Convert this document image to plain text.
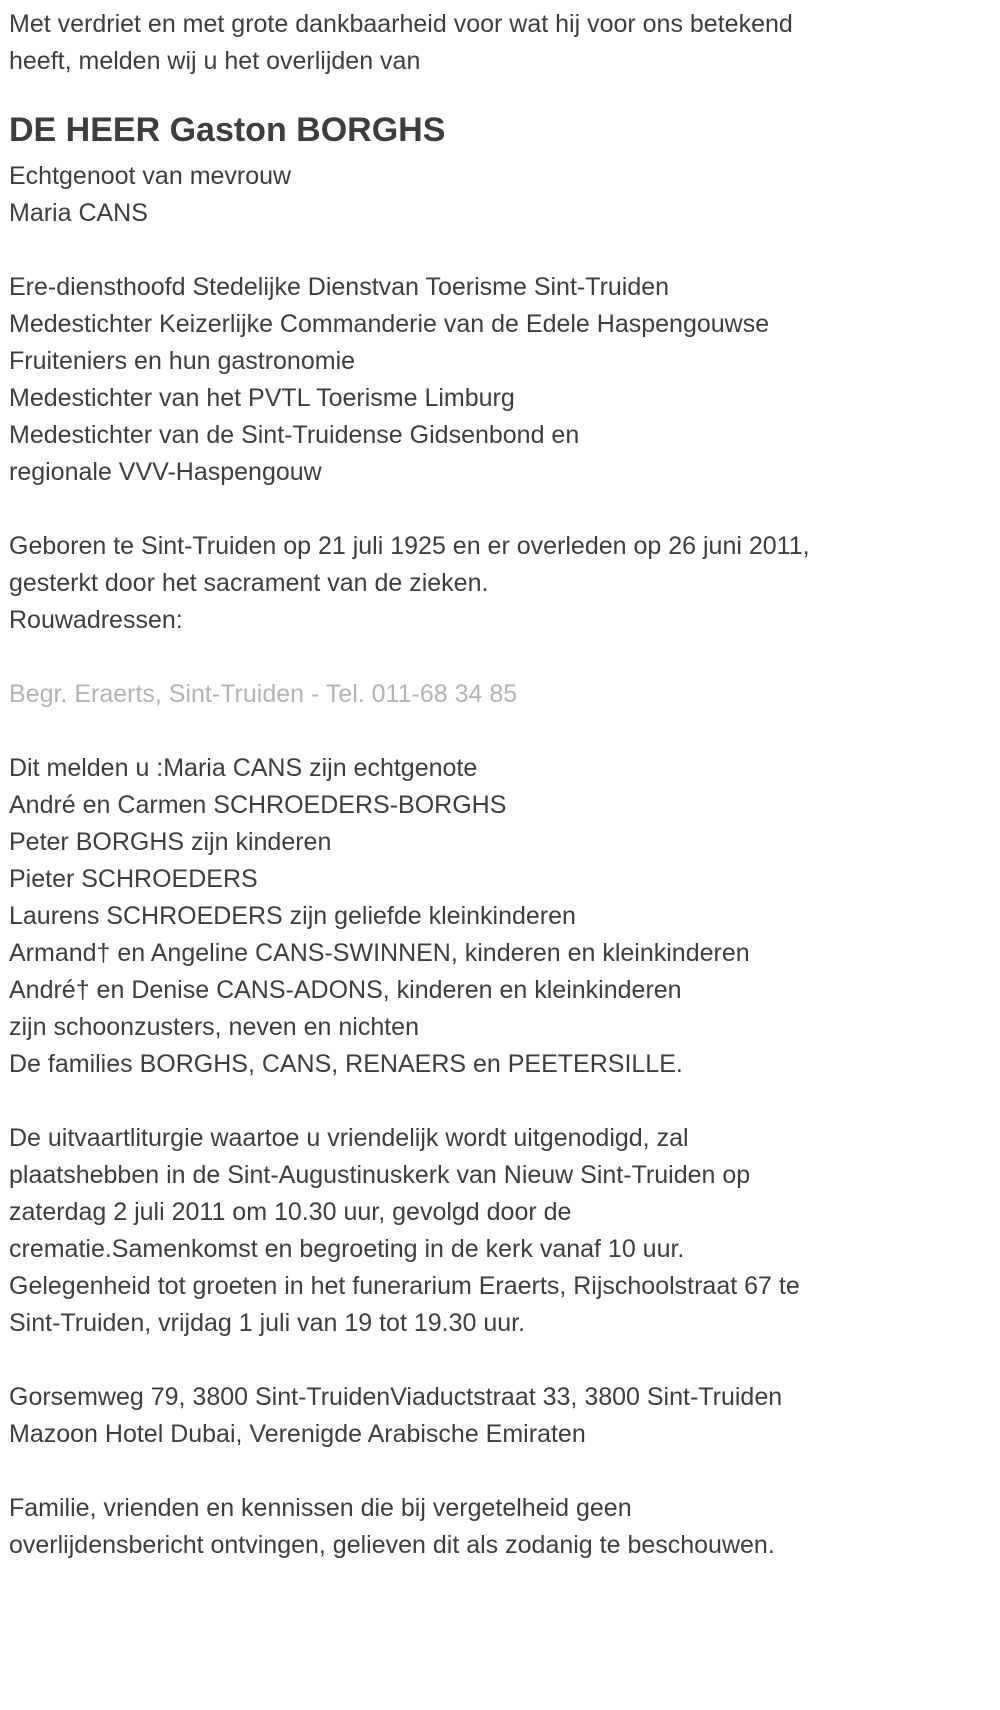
Met verdriet en met grote dankbaarheid voor wat hij voor ons betekend
heeft, melden wij u het overlijden van
DE HEER Gaston BORGHS
Echtgenoot van mevrouw
Maria CANS
Ere-diensthoofd Stedelijke Dienstvan Toerisme Sint-Truiden
Medestichter Keizerlijke Commanderie van de Edele Haspengouwse
Fruiteniers en hun gastronomie
Medestichter van het PVTL Toerisme Limburg
Medestichter van de Sint-Truidense Gidsenbond en
regionale VVV-Haspengouw
Geboren te Sint-Truiden op 21 juli 1925 en er overleden op 26 juni 2011,
gesterkt door het sacrament van de zieken.
Rouwadressen:
Begr. Eraerts, Sint-Truiden - Tel. 011-68 34 85
Dit melden u :Maria CANS zijn echtgenote
André en Carmen SCHROEDERS-BORGHS
Peter BORGHS zijn kinderen
Pieter SCHROEDERS
Laurens SCHROEDERS zijn geliefde kleinkinderen
Armand† en Angeline CANS-SWINNEN, kinderen en kleinkinderen
André† en Denise CANS-ADONS, kinderen en kleinkinderen
zijn schoonzusters, neven en nichten
De families BORGHS, CANS, RENAERS en PEETERSILLE.
De uitvaartliturgie waartoe u vriendelijk wordt uitgenodigd, zal
plaatshebben in de Sint-Augustinuskerk van Nieuw Sint-Truiden op
zaterdag 2 juli 2011 om 10.30 uur, gevolgd door de
crematie.Samenkomst en begroeting in de kerk vanaf 10 uur.
Gelegenheid tot groeten in het funerarium Eraerts, Rijschoolstraat 67 te
Sint-Truiden, vrijdag 1 juli van 19 tot 19.30 uur.
Gorsemweg 79, 3800 Sint-TruidenViaductstraat 33, 3800 Sint-Truiden
Mazoon Hotel Dubai, Verenigde Arabische Emiraten
Familie, vrienden en kennissen die bij vergetelheid geen
overlijdensbericht ontvingen, gelieven dit als zodanig te beschouwen.
